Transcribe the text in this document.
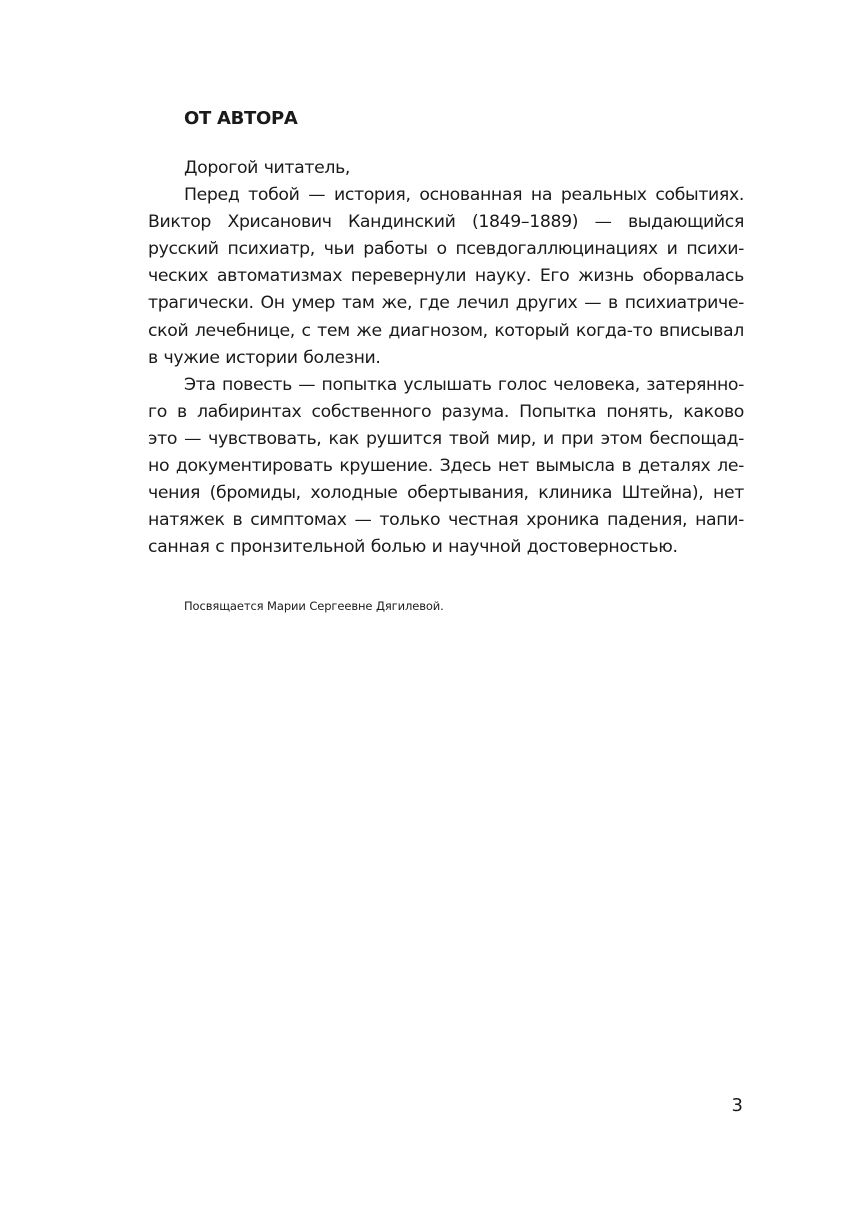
ОТ АВТОРА
Дорогой читатель,
Перед тобой — история, основанная на реальных событиях.
Виктор Хрисанович Кандинский (1849–1889) — выдающийся
русский психиатр, чьи работы о псевдогаллюцинациях и психи-
ческих автоматизмах перевернули науку. Его жизнь оборвалась
трагически. Он умер там же, где лечил других — в психиатриче-
ской лечебнице, с тем же диагнозом, который когда-то вписывал
в чужие истории болезни.
Эта повесть — попытка услышать голос человека, затерянно-
го в лабиринтах собственного разума. Попытка понять, каково
это — чувствовать, как рушится твой мир, и при этом беспощад-
но документировать крушение. Здесь нет вымысла в деталях ле-
чения (бромиды, холодные обертывания, клиника Штейна), нет
натяжек в симптомах — только честная хроника падения, напи-
санная с пронзительной болью и научной достоверностью.

Посвящается Марии Сергеевне Дягилевой.

3
